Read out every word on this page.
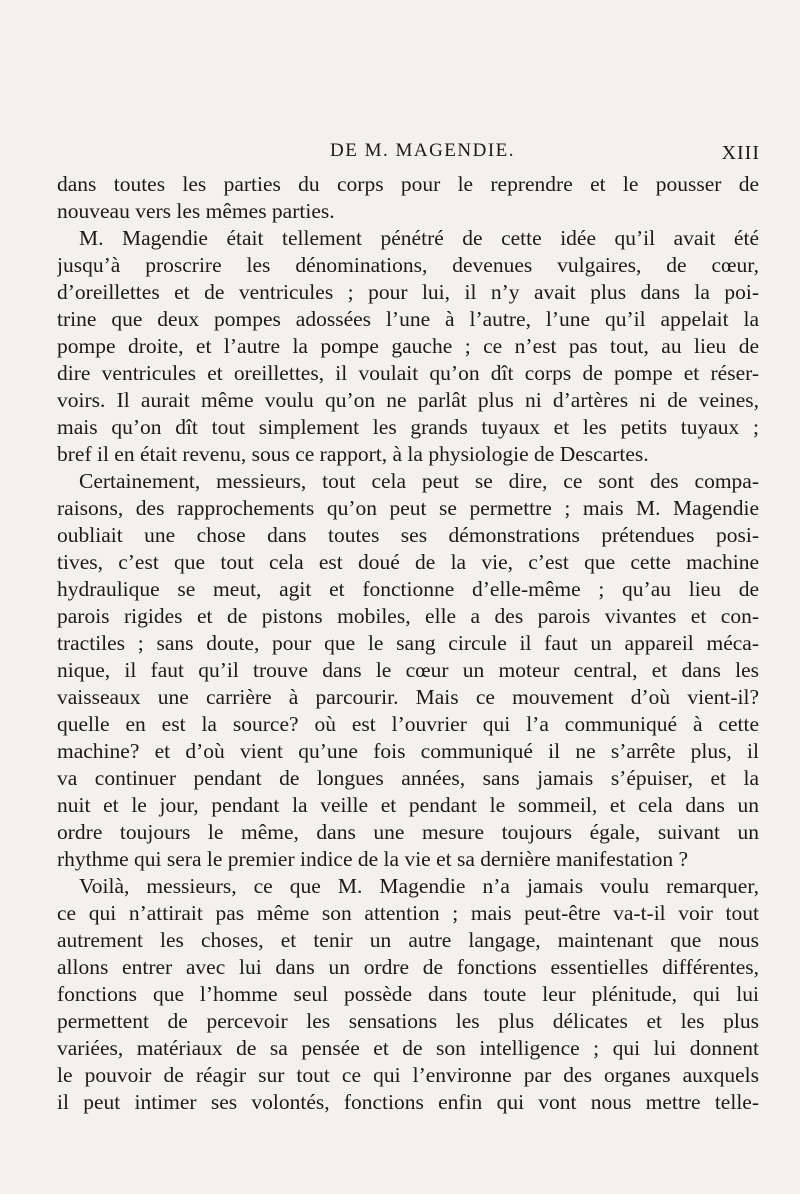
DE M. MAGENDIE.	XIII
dans toutes les parties du corps pour le reprendre et le pousser de
nouveau vers les mêmes parties.
M. Magendie était tellement pénétré de cette idée qu’il avait été
jusqu’à proscrire les dénominations, devenues vulgaires, de cœur,
d’oreillettes et de ventricules ; pour lui, il n’y avait plus dans la poi-
trine que deux pompes adossées l’une à l’autre, l’une qu’il appelait la
pompe droite, et l’autre la pompe gauche ; ce n’est pas tout, au lieu de
dire ventricules et oreillettes, il voulait qu’on dît corps de pompe et réser-
voirs. Il aurait même voulu qu’on ne parlât plus ni d’artères ni de veines,
mais qu’on dît tout simplement les grands tuyaux et les petits tuyaux ;
bref il en était revenu, sous ce rapport, à la physiologie de Descartes.
Certainement, messieurs, tout cela peut se dire, ce sont des compa-
raisons, des rapprochements qu’on peut se permettre ; mais M. Magendie
oubliait une chose dans toutes ses démonstrations prétendues posi-
tives, c’est que tout cela est doué de la vie, c’est que cette machine
hydraulique se meut, agit et fonctionne d’elle-même ; qu’au lieu de
parois rigides et de pistons mobiles, elle a des parois vivantes et con-
tractiles ; sans doute, pour que le sang circule il faut un appareil méca-
nique, il faut qu’il trouve dans le cœur un moteur central, et dans les
vaisseaux une carrière à parcourir. Mais ce mouvement d’où vient-il?
quelle en est la source? où est l’ouvrier qui l’a communiqué à cette
machine? et d’où vient qu’une fois communiqué il ne s’arrête plus, il
va continuer pendant de longues années, sans jamais s’épuiser, et la
nuit et le jour, pendant la veille et pendant le sommeil, et cela dans un
ordre toujours le même, dans une mesure toujours égale, suivant un
rhythme qui sera le premier indice de la vie et sa dernière manifestation ?
Voilà, messieurs, ce que M. Magendie n’a jamais voulu remarquer,
ce qui n’attirait pas même son attention ; mais peut-être va-t-il voir tout
autrement les choses, et tenir un autre langage, maintenant que nous
allons entrer avec lui dans un ordre de fonctions essentielles différentes,
fonctions que l’homme seul possède dans toute leur plénitude, qui lui
permettent de percevoir les sensations les plus délicates et les plus
variées, matériaux de sa pensée et de son intelligence ; qui lui donnent
le pouvoir de réagir sur tout ce qui l’environne par des organes auxquels
il peut intimer ses volontés, fonctions enfin qui vont nous mettre telle-
